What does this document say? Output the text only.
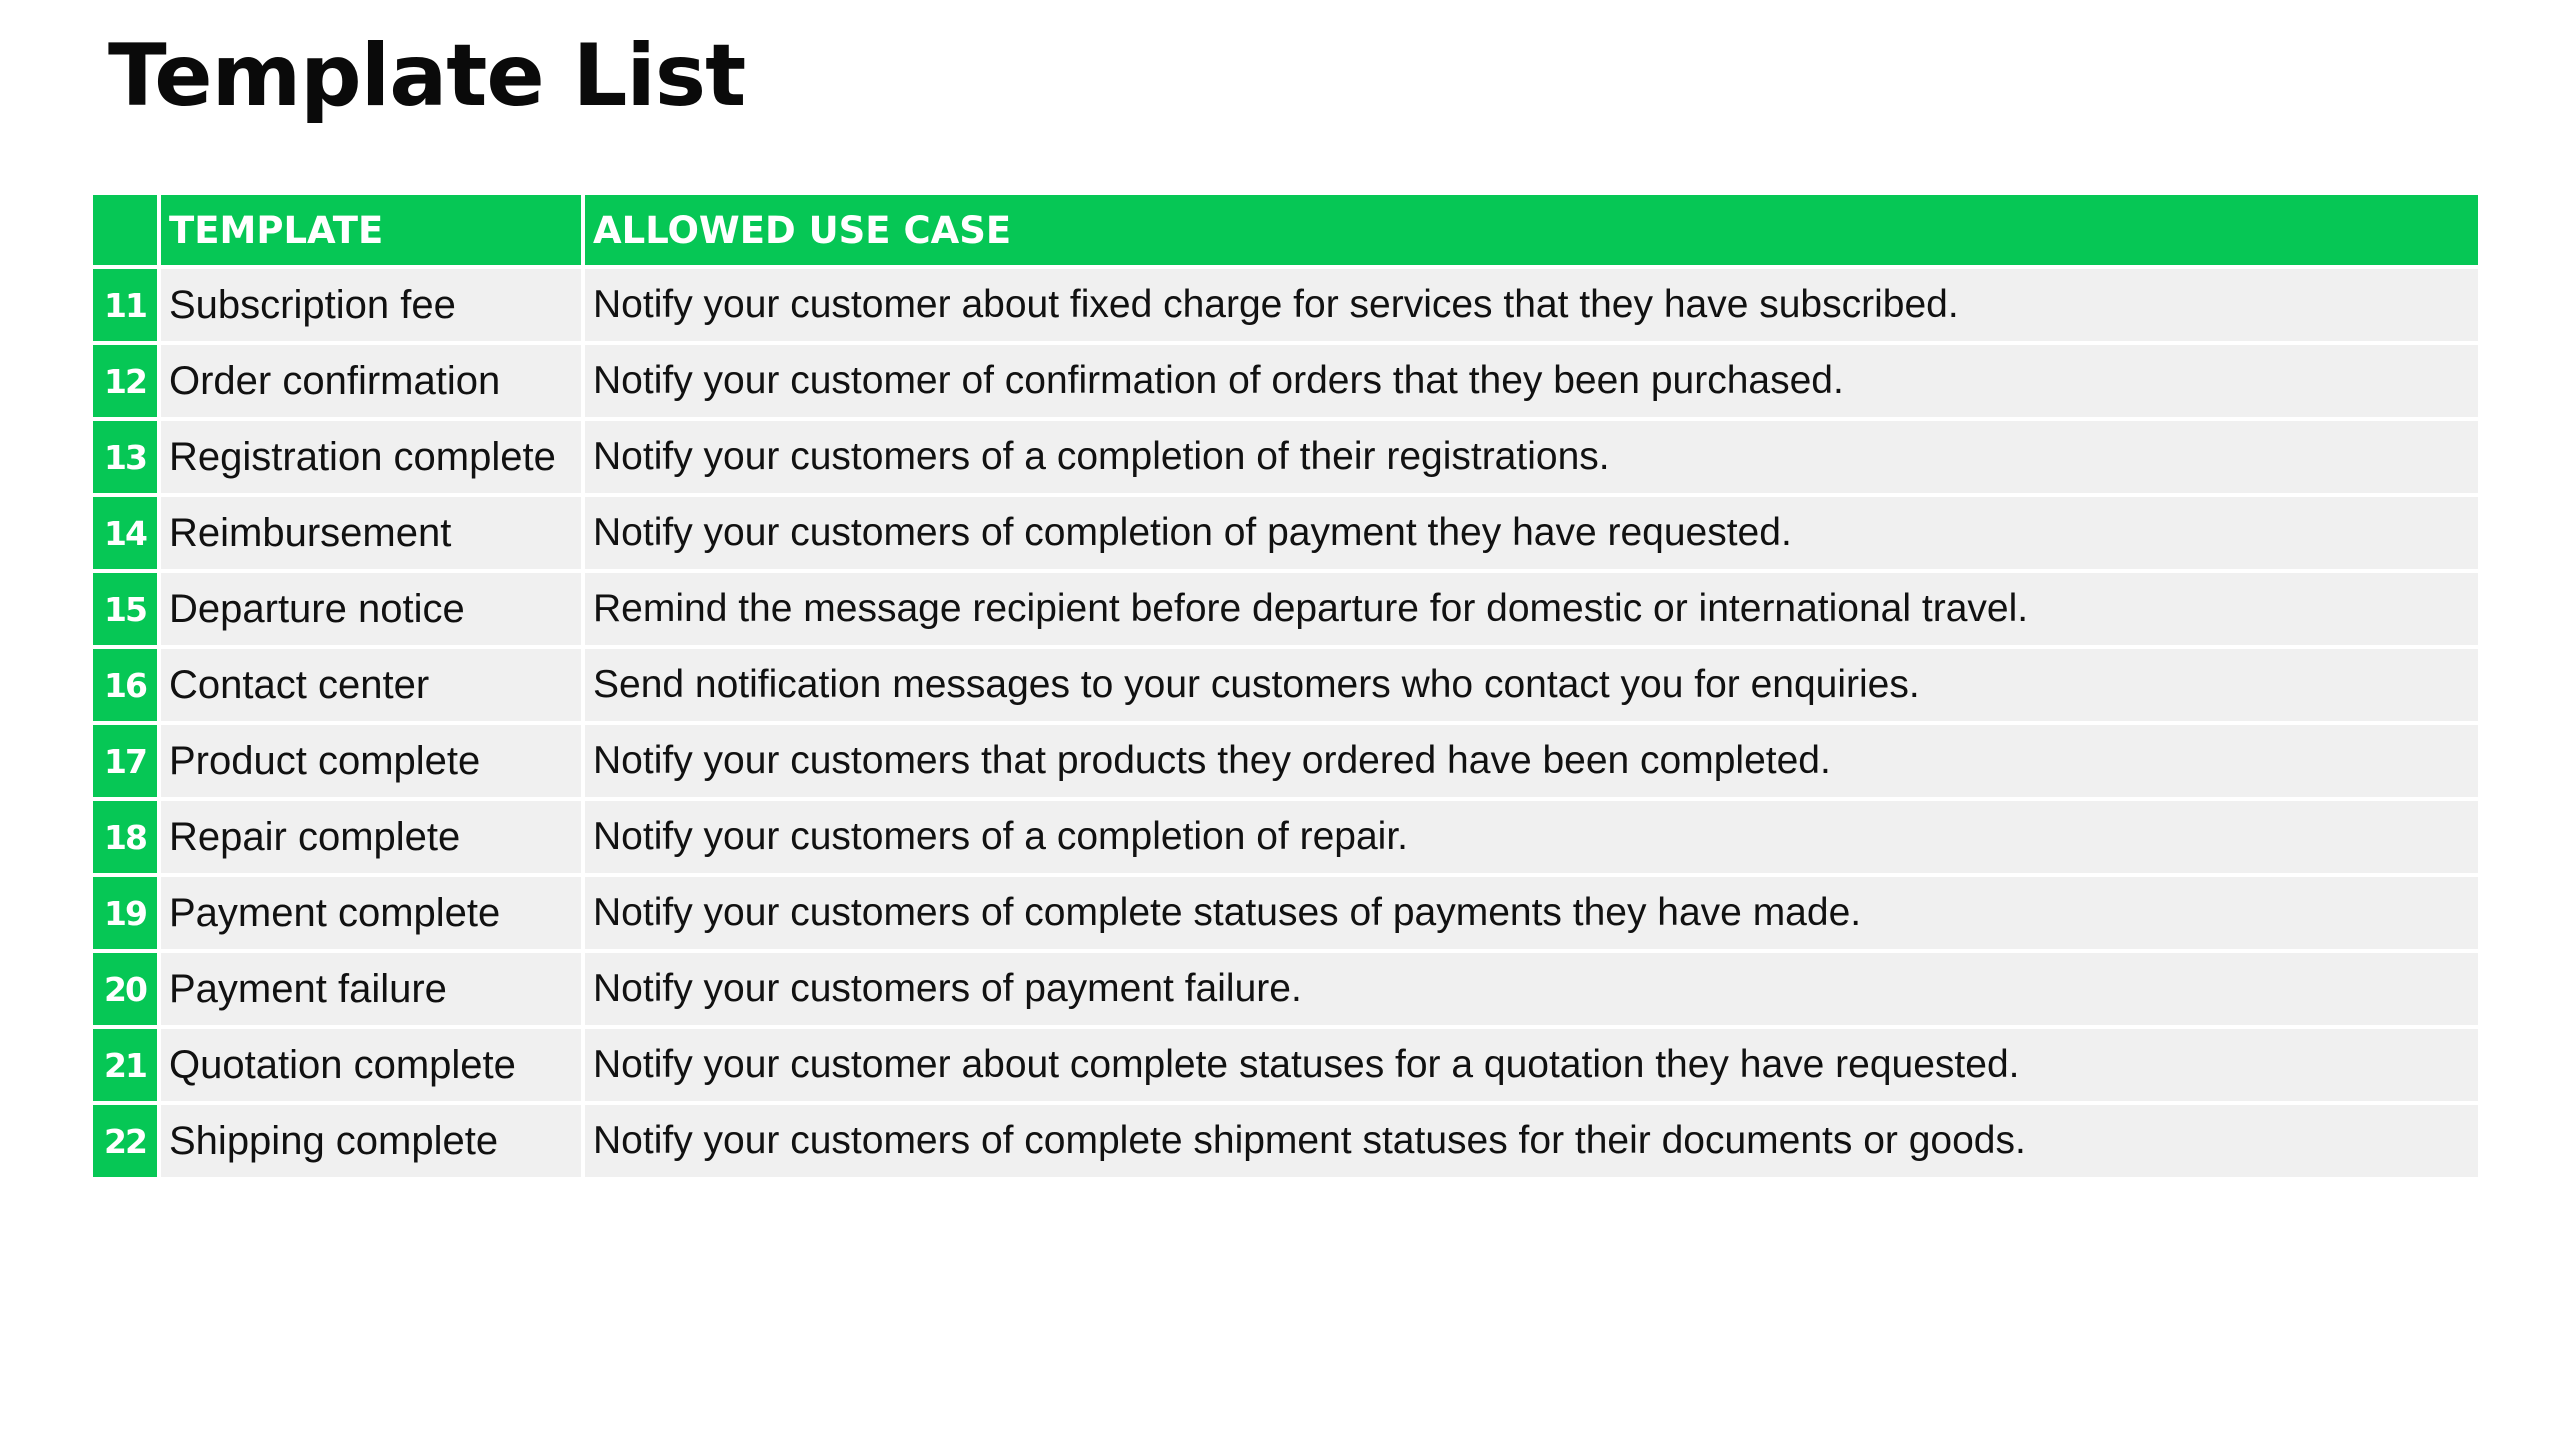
Template List
	TEMPLATE	ALLOWED USE CASE
11	Subscription fee	Notify your customer about fixed charge for services that they have subscribed.
12	Order confirmation	Notify your customer of confirmation of orders that they been purchased.
13	Registration complete	Notify your customers of a completion of their registrations.
14	Reimbursement	Notify your customers of completion of payment they have requested.
15	Departure notice	Remind the message recipient before departure for domestic or international travel.
16	Contact center	Send notification messages to your customers who contact you for enquiries.
17	Product complete	Notify your customers that products they ordered have been completed.
18	Repair complete	Notify your customers of a completion of repair.
19	Payment complete	Notify your customers of complete statuses of payments they have made.
20	Payment failure	Notify your customers of payment failure.
21	Quotation complete	Notify your customer about complete statuses for a quotation they have requested.
22	Shipping complete	Notify your customers of complete shipment statuses for their documents or goods.
